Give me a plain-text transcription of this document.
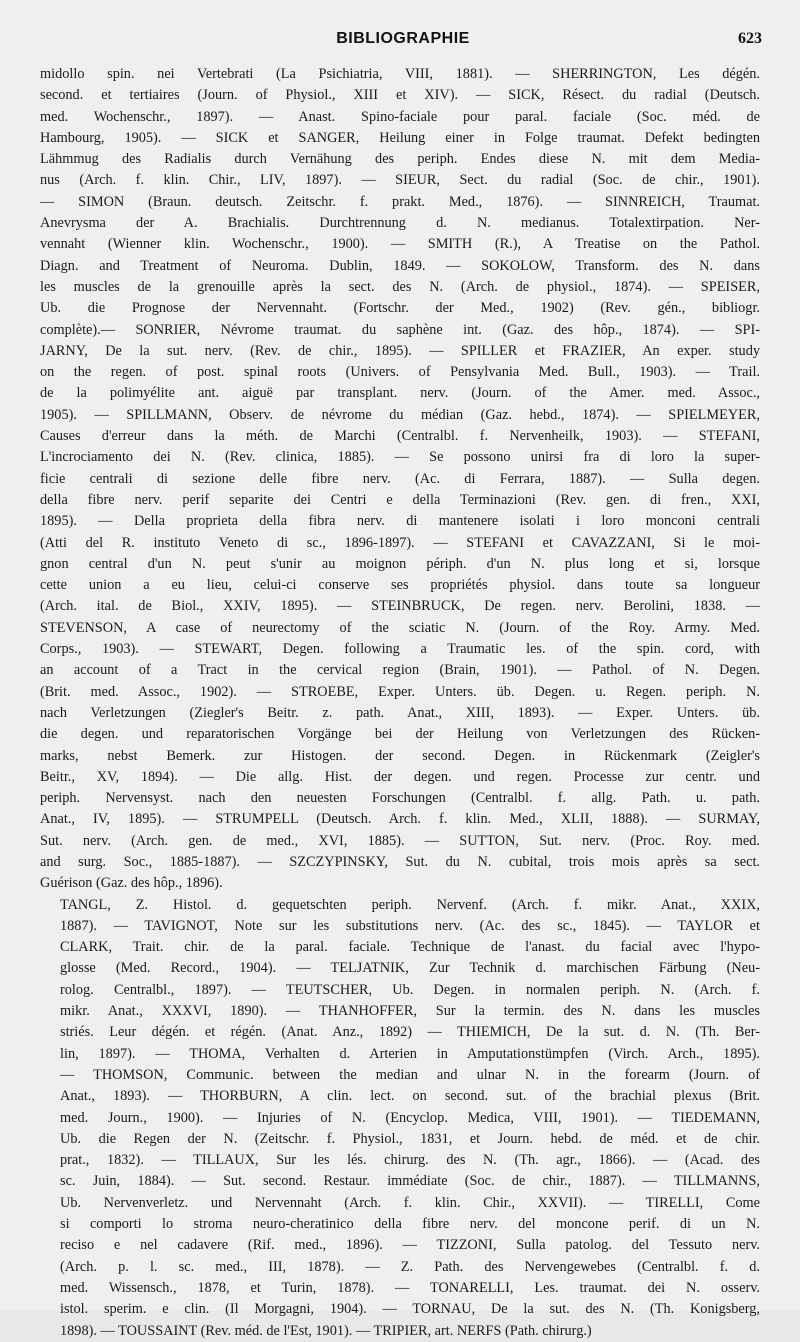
BIBLIOGRAPHIE	623
midollo spin. nei Vertebrati (La Psichiatria, VIII, 1881). — SHERRINGTON, Les dégén.
second. et tertiaires (Journ. of Physiol., XIII et XIV). — SICK, Résect. du radial (Deutsch.
med. Wochenschr., 1897). — Anast. Spino-faciale pour paral. faciale (Soc. méd. de
Hambourg, 1905). — SICK et SANGER, Heilung einer in Folge traumat. Defekt bedingten
Lähmmug des Radialis durch Vernähung des periph. Endes diese N. mit dem Media-
nus (Arch. f. klin. Chir., LIV, 1897). — SIEUR, Sect. du radial (Soc. de chir., 1901).
— SIMON (Braun. deutsch. Zeitschr. f. prakt. Med., 1876). — SINNREICH, Traumat.
Anevrysma der A. Brachialis. Durchtrennung d. N. medianus. Totalextirpation. Ner-
vennaht (Wienner klin. Wochenschr., 1900). — SMITH (R.), A Treatise on the Pathol.
Diagn. and Treatment of Neuroma. Dublin, 1849. — SOKOLOW, Transform. des N. dans
les muscles de la grenouille après la sect. des N. (Arch. de physiol., 1874). — SPEISER,
Ub. die Prognose der Nervennaht. (Fortschr. der Med., 1902) (Rev. gén., bibliogr.
complète).— SONRIER, Névrome traumat. du saphène int. (Gaz. des hôp., 1874). — SPI-
JARNY, De la sut. nerv. (Rev. de chir., 1895). — SPILLER et FRAZIER, An exper. study
on the regen. of post. spinal roots (Univers. of Pensylvania Med. Bull., 1903). — Trail.
de la polimyélite ant. aiguë par transplant. nerv. (Journ. of the Amer. med. Assoc.,
1905). — SPILLMANN, Observ. de névrome du médian (Gaz. hebd., 1874). — SPIELMEYER,
Causes d'erreur dans la méth. de Marchi (Centralbl. f. Nervenheilk, 1903). — STEFANI,
L'incrociamento dei N. (Rev. clinica, 1885). — Se possono unirsi fra di loro la super-
ficie centrali di sezione delle fibre nerv. (Ac. di Ferrara, 1887). — Sulla degen.
della fibre nerv. perif separite dei Centri e della Terminazioni (Rev. gen. di fren., XXI,
1895). — Della proprieta della fibra nerv. di mantenere isolati i loro monconi centrali
(Atti del R. instituto Veneto di sc., 1896-1897). — STEFANI et CAVAZZANI, Si le moi-
gnon central d'un N. peut s'unir au moignon périph. d'un N. plus long et si, lorsque
cette union a eu lieu, celui-ci conserve ses propriétés physiol. dans toute sa longueur
(Arch. ital. de Biol., XXIV, 1895). — STEINBRUCK, De regen. nerv. Berolini, 1838. —
STEVENSON, A case of neurectomy of the sciatic N. (Journ. of the Roy. Army. Med.
Corps., 1903). — STEWART, Degen. following a Traumatic les. of the spin. cord, with
an account of a Tract in the cervical region (Brain, 1901). — Pathol. of N. Degen.
(Brit. med. Assoc., 1902). — STROEBE, Exper. Unters. üb. Degen. u. Regen. periph. N.
nach Verletzungen (Ziegler's Beitr. z. path. Anat., XIII, 1893). — Exper. Unters. üb.
die degen. und reparatorischen Vorgänge bei der Heilung von Verletzungen des Rücken-
marks, nebst Bemerk. zur Histogen. der second. Degen. in Rückenmark (Zeigler's
Beitr., XV, 1894). — Die allg. Hist. der degen. und regen. Processe zur centr. und
periph. Nervensyst. nach den neuesten Forschungen (Centralbl. f. allg. Path. u. path.
Anat., IV, 1895). — STRUMPELL (Deutsch. Arch. f. klin. Med., XLII, 1888). — SURMAY,
Sut. nerv. (Arch. gen. de med., XVI, 1885). — SUTTON, Sut. nerv. (Proc. Roy. med.
and surg. Soc., 1885-1887). — SZCZYPINSKY, Sut. du N. cubital, trois mois après sa sect.
Guérison (Gaz. des hôp., 1896).
TANGL, Z. Histol. d. gequetschten periph. Nervenf. (Arch. f. mikr. Anat., XXIX,
1887). — TAVIGNOT, Note sur les substitutions nerv. (Ac. des sc., 1845). — TAYLOR et
CLARK, Trait. chir. de la paral. faciale. Technique de l'anast. du facial avec l'hypo-
glosse (Med. Record., 1904). — TELJATNIK, Zur Technik d. marchischen Färbung (Neu-
rolog. Centralbl., 1897). — TEUTSCHER, Ub. Degen. in normalen periph. N. (Arch. f.
mikr. Anat., XXXVI, 1890). — THANHOFFER, Sur la termin. des N. dans les muscles
striés. Leur dégén. et régén. (Anat. Anz., 1892) — THIEMICH, De la sut. d. N. (Th. Ber-
lin, 1897). — THOMA, Verhalten d. Arterien in Amputationstümpfen (Virch. Arch., 1895).
— THOMSON, Communic. between the median and ulnar N. in the forearm (Journ. of
Anat., 1893). — THORBURN, A clin. lect. on second. sut. of the brachial plexus (Brit.
med. Journ., 1900). — Injuries of N. (Encyclop. Medica, VIII, 1901). — TIEDEMANN,
Ub. die Regen der N. (Zeitschr. f. Physiol., 1831, et Journ. hebd. de méd. et de chir.
prat., 1832). — TILLAUX, Sur les lés. chirurg. des N. (Th. agr., 1866). — (Acad. des
sc. Juin, 1884). — Sut. second. Restaur. immédiate (Soc. de chir., 1887). — TILLMANNS,
Ub. Nervenverletz. und Nervennaht (Arch. f. klin. Chir., XXVII). — TIRELLI, Come
si comporti lo stroma neuro-cheratinico della fibre nerv. del moncone perif. di un N.
reciso e nel cadavere (Rif. med., 1896). — TIZZONI, Sulla patolog. del Tessuto nerv.
(Arch. p. l. sc. med., III, 1878). — Z. Path. des Nervengewebes (Centralbl. f. d.
med. Wissensch., 1878, et Turin, 1878). — TONARELLI, Les. traumat. dei N. osserv.
istol. sperim. e clin. (Il Morgagni, 1904). — TORNAU, De la sut. des N. (Th. Konigsberg,
1898). — TOUSSAINT (Rev. méd. de l'Est, 1901). — TRIPIER, art. NERFS (Path. chirurg.)
